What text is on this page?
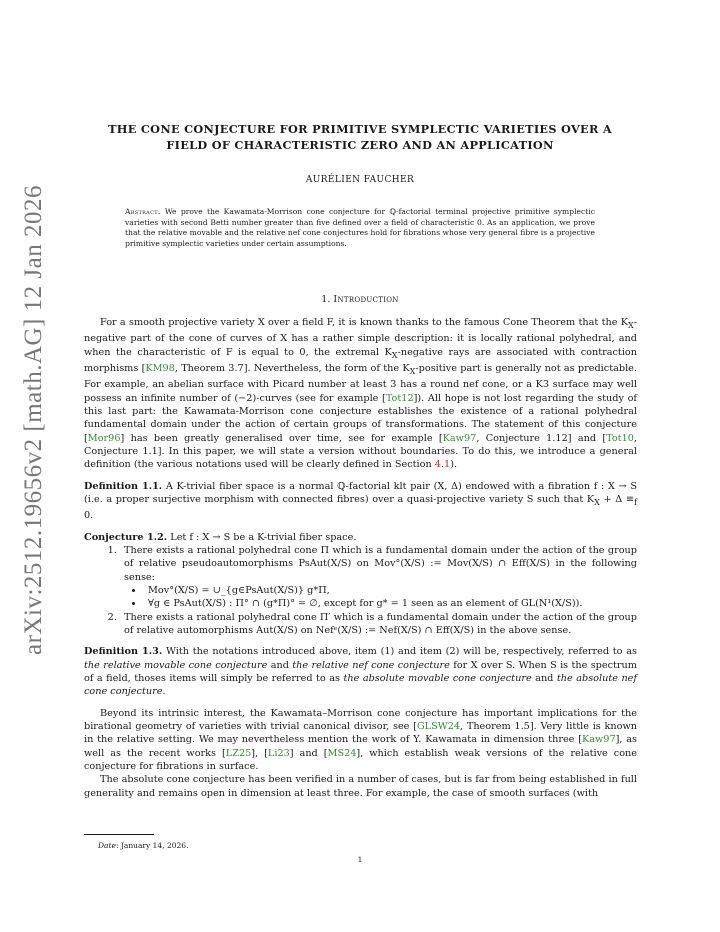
arXiv:2512.19656v2 [math.AG] 12 Jan 2026
THE CONE CONJECTURE FOR PRIMITIVE SYMPLECTIC VARIETIES OVER A
FIELD OF CHARACTERISTIC ZERO AND AN APPLICATION
AURÉLIEN FAUCHER
Abstract. We prove the Kawamata-Morrison cone conjecture for ℚ-factorial terminal projective primitive symplectic varieties with second Betti number greater than five defined over a field of characteristic 0. As an application, we prove that the relative movable and the relative nef cone conjectures hold for fibrations whose very general fibre is a projective primitive symplectic varieties under certain assumptions.
1. Introduction

For a smooth projective variety X over a field F, it is known thanks to the famous Cone Theorem that the $K_X$-negative part of the cone of curves of X has a rather simple description: it is locally rational polyhedral, and when the characteristic of F is equal to 0, the extremal $K_X$-negative rays are associated with contraction morphisms [KM98, Theorem 3.7]. Nevertheless, the form of the $K_X$-positive part is generally not as predictable. For example, an abelian surface with Picard number at least 3 has a round nef cone, or a K3 surface may well possess an infinite number of (−2)-curves (see for example [Tot12]). All hope is not lost regarding the study of this last part: the Kawamata-Morrison cone conjecture establishes the existence of a rational polyhedral fundamental domain under the action of certain groups of transformations. The statement of this conjecture [Mor96] has been greatly generalised over time, see for example [Kaw97, Conjecture 1.12] and [Tot10, Conjecture 1.1]. In this paper, we will state a version without boundaries. To do this, we introduce a general definition (the various notations used will be clearly defined in Section 4.1).

Definition 1.1. A K-trivial fiber space is a normal ℚ-factorial klt pair (X, Δ) endowed with a fibration f : X → S (i.e. a proper surjective morphism with connected fibres) over a quasi-projective variety S such that $K_X + \Delta \equiv_f$ 0.

Conjecture 1.2. Let f : X → S be a K-trivial fiber space.

1. There exists a rational polyhedral cone Π which is a fundamental domain under the action of the group of relative pseudoautomorphisms PsAut(X/S) on Mov°(X/S) := Mov(X/S) ∩ Eff(X/S) in the following sense:
• Mov°(X/S) = ∪_{g∈PsAut(X/S)} g*Π,
• ∀g ∈ PsAut(X/S) : Π° ∩ (g*Π)° = ∅, except for g* = 1 seen as an element of GL(N¹(X/S)).
2. There exists a rational polyhedral cone Π′ which is a fundamental domain under the action of the group of relative automorphisms Aut(X/S) on Nefᵉ(X/S) := Nef(X/S) ∩ Eff(X/S) in the above sense.

Definition 1.3. With the notations introduced above, item (1) and item (2) will be, respectively, referred to as the relative movable cone conjecture and the relative nef cone conjecture for X over S. When S is the spectrum of a field, thoses items will simply be referred to as the absolute movable cone conjecture and the absolute nef cone conjecture.

Beyond its intrinsic interest, the Kawamata–Morrison cone conjecture has important implications for the birational geometry of varieties with trivial canonical divisor, see [GLSW24, Theorem 1.5]. Very little is known in the relative setting. We may nevertheless mention the work of Y. Kawamata in dimension three [Kaw97], as well as the recent works [LZ25], [Li23] and [MS24], which establish weak versions of the relative cone conjecture for fibrations in surface.

The absolute cone conjecture has been verified in a number of cases, but is far from being established in full generality and remains open in dimension at least three. For example, the case of smooth surfaces (with

Date: January 14, 2026.
1
